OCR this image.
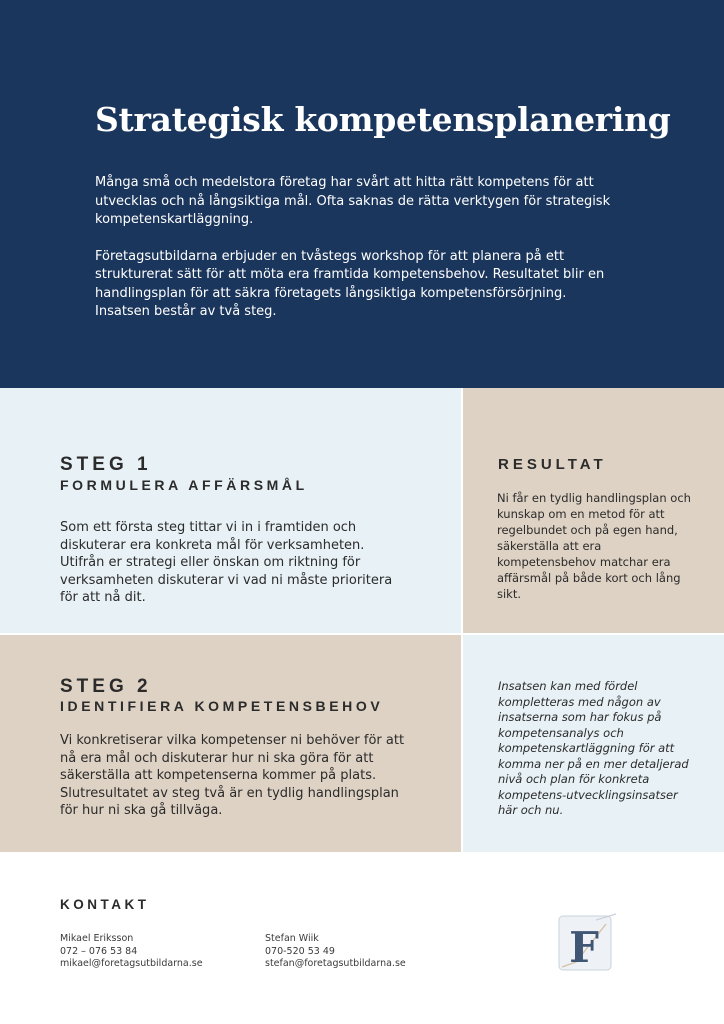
Strategisk kompetensplanering

Många små och medelstora företag har svårt att hitta rätt kompetens för att utvecklas och nå långsiktiga mål. Ofta saknas de rätta verktygen för strategisk kompetenskartläggning.

Företagsutbildarna erbjuder en tvåstegs workshop för att planera på ett strukturerat sätt för att möta era framtida kompetensbehov. Resultatet blir en handlingsplan för att säkra företagets långsiktiga kompetensförsörjning. Insatsen består av två steg.

STEG 1
FORMULERA AFFÄRSMÅL

Som ett första steg tittar vi in i framtiden och diskuterar era konkreta mål för verksamheten. Utifrån er strategi eller önskan om riktning för verksamheten diskuterar vi vad ni måste prioritera för att nå dit.

RESULTAT

Ni får en tydlig handlingsplan och kunskap om en metod för att regelbundet och på egen hand, säkerställa att era kompetensbehov matchar era affärsmål på både kort och lång sikt.

STEG 2
IDENTIFIERA KOMPETENSBEHOV

Vi konkretiserar vilka kompetenser ni behöver för att nå era mål och diskuterar hur ni ska göra för att säkerställa att kompetenserna kommer på plats. Slutresultatet av steg två är en tydlig handlingsplan för hur ni ska gå tillväga.

Insatsen kan med fördel kompletteras med någon av insatserna som har fokus på kompetensanalys och kompetenskartläggning för att komma ner på en mer detaljerad nivå och plan för konkreta kompetens-utvecklingsinsatser här och nu.

KONTAKT
Mikael Eriksson
072 – 076 53 84
mikael@foretagsutbildarna.se
Stefan Wiik
070-520 53 49
stefan@foretagsutbildarna.se	F
